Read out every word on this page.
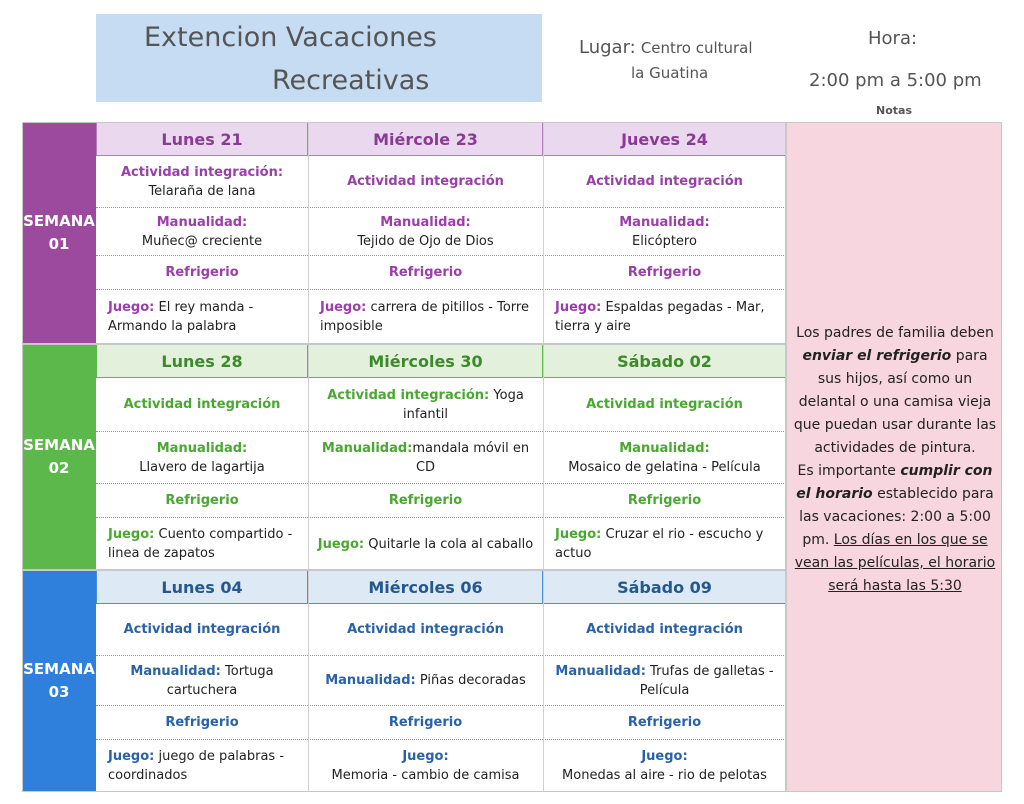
Extencion Vacaciones
Recreativas
Lugar: Centro cultural
la Guatina
Hora:
2:00 pm a 5:00 pm
Notas
SEMANA
01
Lunes 21
Actividad integración:
Telaraña de lana
Manualidad:
Muñec@ creciente
Refrigerio
Juego: El rey manda - Armando la palabra
Miércole 23
Actividad integración
Manualidad:
Tejido de Ojo de Dios
Refrigerio
Juego: carrera de pitillos - Torre imposible
Jueves 24
Actividad integración
Manualidad:
Elicóptero
Refrigerio
Juego: Espaldas pegadas - Mar, tierra y aire
SEMANA
02
Lunes 28
Actividad integración
Manualidad:
Llavero de lagartija
Refrigerio
Juego: Cuento compartido - linea de zapatos
Miércoles 30
Actividad integración: Yoga infantil
Manualidad:mandala móvil en CD
Refrigerio
Juego: Quitarle la cola al caballo
Sábado 02
Actividad integración
Manualidad:
Mosaico de gelatina - Película
Refrigerio
Juego: Cruzar el rio - escucho y actuo
SEMANA
03
Lunes 04
Actividad integración
Manualidad: Tortuga cartuchera
Refrigerio
Juego: juego de palabras - coordinados
Miércoles 06
Actividad integración
Manualidad: Piñas decoradas
Refrigerio
Juego:
Memoria - cambio de camisa
Sábado 09
Actividad integración
Manualidad: Trufas de galletas - Película
Refrigerio
Juego:
Monedas al aire - rio de pelotas
Los padres de familia deben enviar el refrigerio para sus hijos, así como un delantal o una camisa vieja que puedan usar durante las actividades de pintura.
Es importante cumplir con el horario establecido para las vacaciones: 2:00 a 5:00 pm. Los días en los que se vean las películas, el horario será hasta las 5:30
